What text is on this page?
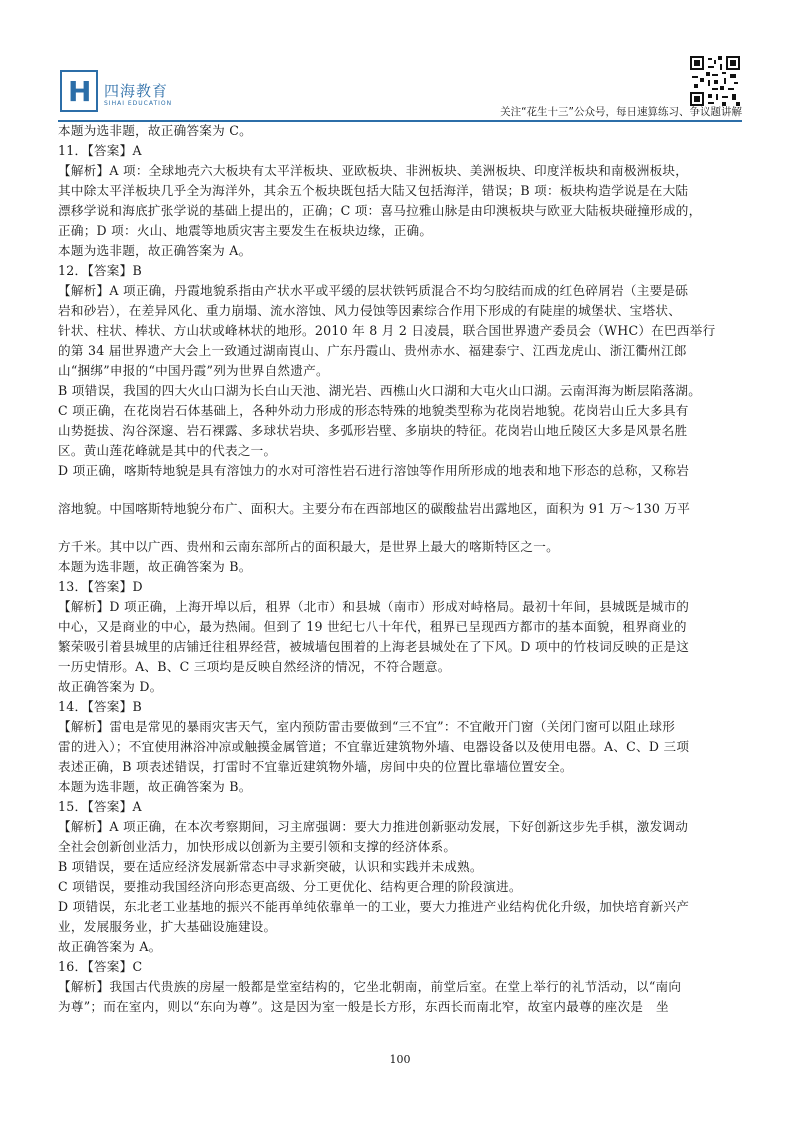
H 四海教育
SIHAI EDUCATION
关注“花生十三”公众号，每日速算练习、争议题讲解
本题为选非题，故正确答案为 C。
11．【答案】A
【解析】A 项：全球地壳六大板块有太平洋板块、亚欧板块、非洲板块、美洲板块、印度洋板块和南极洲板块，
其中除太平洋板块几乎全为海洋外，其余五个板块既包括大陆又包括海洋，错误；B 项：板块构造学说是在大陆
漂移学说和海底扩张学说的基础上提出的，正确；C 项：喜马拉雅山脉是由印澳板块与欧亚大陆板块碰撞形成的，
正确；D 项：火山、地震等地质灾害主要发生在板块边缘，正确。
本题为选非题，故正确答案为 A。
12．【答案】B
【解析】A 项正确，丹霞地貌系指由产状水平或平缓的层状铁钙质混合不均匀胶结而成的红色碎屑岩（主要是砾
岩和砂岩），在差异风化、重力崩塌、流水溶蚀、风力侵蚀等因素综合作用下形成的有陡崖的城堡状、宝塔状、
针状、柱状、棒状、方山状或峰林状的地形。2010 年 8 月 2 日凌晨，联合国世界遗产委员会（WHC）在巴西举行
的第 34 届世界遗产大会上一致通过湖南崀山、广东丹霞山、贵州赤水、福建泰宁、江西龙虎山、浙江衢州江郎
山“捆绑”申报的“中国丹霞”列为世界自然遗产。
B 项错误，我国的四大火山口湖为长白山天池、湖光岩、西樵山火口湖和大屯火山口湖。云南洱海为断层陷落湖。
C 项正确，在花岗岩石体基础上，各种外动力形成的形态特殊的地貌类型称为花岗岩地貌。花岗岩山丘大多具有
山势挺拔、沟谷深邃、岩石裸露、多球状岩块、多弧形岩壁、多崩块的特征。花岗岩山地丘陵区大多是风景名胜
区。黄山莲花峰就是其中的代表之一。
D 项正确，喀斯特地貌是具有溶蚀力的水对可溶性岩石进行溶蚀等作用所形成的地表和地下形态的总称，又称岩
溶地貌。中国喀斯特地貌分布广、面积大。主要分布在西部地区的碳酸盐岩出露地区，面积为 91 万～130 万平
方千米。其中以广西、贵州和云南东部所占的面积最大，是世界上最大的喀斯特区之一。
本题为选非题，故正确答案为 B。
13．【答案】D
【解析】D 项正确，上海开埠以后，租界（北市）和县城（南市）形成对峙格局。最初十年间，县城既是城市的
中心，又是商业的中心，最为热闹。但到了 19 世纪七八十年代，租界已呈现西方都市的基本面貌，租界商业的
繁荣吸引着县城里的店铺迁往租界经营，被城墙包围着的上海老县城处在了下风。D 项中的竹枝词反映的正是这
一历史情形。A、B、C 三项均是反映自然经济的情况，不符合题意。
故正确答案为 D。
14．【答案】B
【解析】雷电是常见的暴雨灾害天气，室内预防雷击要做到“三不宜”：不宜敞开门窗（关闭门窗可以阻止球形
雷的进入）；不宜使用淋浴冲凉或触摸金属管道；不宜靠近建筑物外墙、电器设备以及使用电器。A、C、D 三项
表述正确，B 项表述错误，打雷时不宜靠近建筑物外墙，房间中央的位置比靠墙位置安全。
本题为选非题，故正确答案为 B。
15．【答案】A
【解析】A 项正确，在本次考察期间，习主席强调：要大力推进创新驱动发展，下好创新这步先手棋，激发调动
全社会创新创业活力，加快形成以创新为主要引领和支撑的经济体系。
B 项错误，要在适应经济发展新常态中寻求新突破，认识和实践并未成熟。
C 项错误，要推动我国经济向形态更高级、分工更优化、结构更合理的阶段演进。
D 项错误，东北老工业基地的振兴不能再单纯依靠单一的工业，要大力推进产业结构优化升级，加快培育新兴产
业，发展服务业，扩大基础设施建设。
故正确答案为 A。
16．【答案】C
【解析】我国古代贵族的房屋一般都是堂室结构的，它坐北朝南，前堂后室。在堂上举行的礼节活动，以“南向
为尊”；而在室内，则以“东向为尊”。这是因为室一般是长方形，东西长而南北窄，故室内最尊的座次是　坐
100
